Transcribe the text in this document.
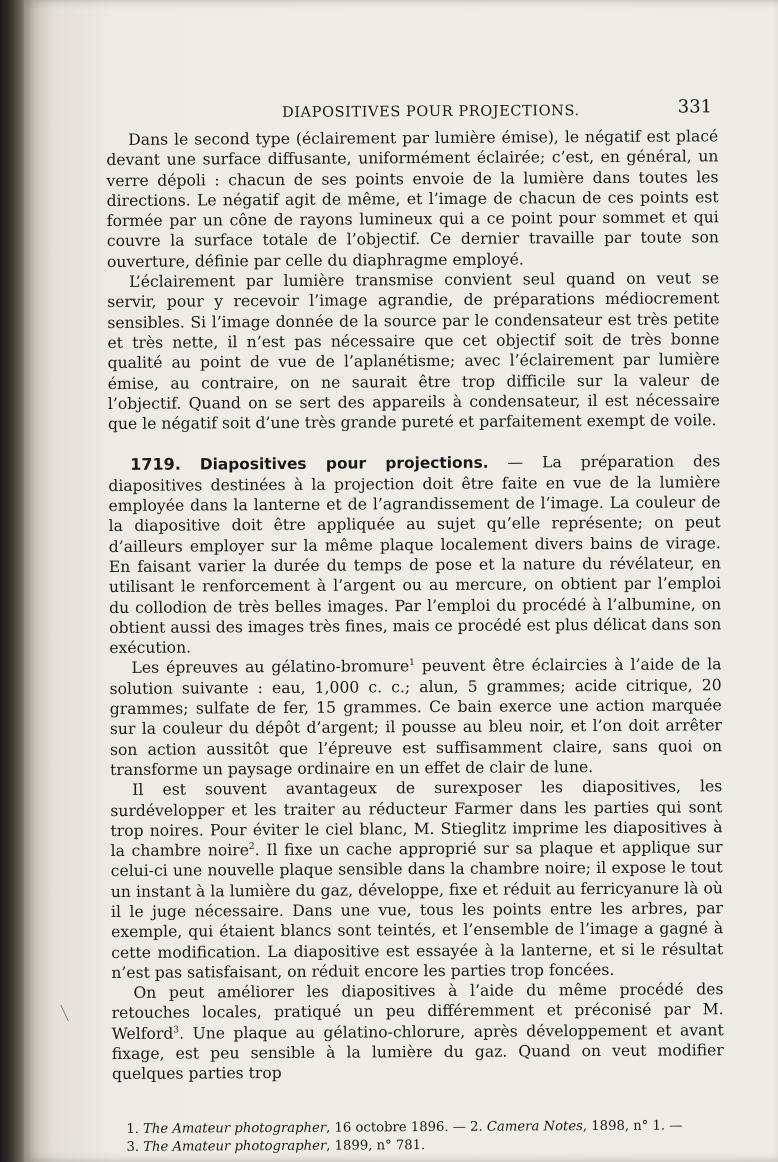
DIAPOSITIVES POUR PROJECTIONS.	331

Dans le second type (éclairement par lumière émise), le négatif est placé devant une surface diffusante, uniformément éclairée; c’est, en général, un verre dépoli : chacun de ses points envoie de la lumière dans toutes les directions. Le négatif agit de même, et l’image de chacun de ces points est formée par un cône de rayons lumineux qui a ce point pour sommet et qui couvre la surface totale de l’objectif. Ce dernier travaille par toute son ouverture, définie par celle du diaphragme employé.

L’éclairement par lumière transmise convient seul quand on veut se servir, pour y recevoir l’image agrandie, de préparations médiocrement sensibles. Si l’image donnée de la source par le condensateur est très petite et très nette, il n’est pas nécessaire que cet objectif soit de très bonne qualité au point de vue de l’aplanétisme; avec l’éclairement par lumière émise, au contraire, on ne saurait être trop difficile sur la valeur de l’objectif. Quand on se sert des appareils à condensateur, il est nécessaire que le négatif soit d’une très grande pureté et parfaitement exempt de voile.

1719. Diapositives pour projections. — La préparation des diapositives destinées à la projection doit être faite en vue de la lumière employée dans la lanterne et de l’agrandissement de l’image. La couleur de la diapositive doit être appliquée au sujet qu’elle représente; on peut d’ailleurs employer sur la même plaque localement divers bains de virage. En faisant varier la durée du temps de pose et la nature du révélateur, en utilisant le renforcement à l’argent ou au mercure, on obtient par l’emploi du collodion de très belles images. Par l’emploi du procédé à l’albumine, on obtient aussi des images très fines, mais ce procédé est plus délicat dans son exécution.

Les épreuves au gélatino-bromure$^1$ peuvent être éclaircies à l’aide de la solution suivante : eau, 1,000 c. c.; alun, 5 grammes; acide citrique, 20 grammes; sulfate de fer, 15 grammes. Ce bain exerce une action marquée sur la couleur du dépôt d’argent; il pousse au bleu noir, et l’on doit arrêter son action aussitôt que l’épreuve est suffisamment claire, sans quoi on transforme un paysage ordinaire en un effet de clair de lune.

Il est souvent avantageux de surexposer les diapositives, les surdévelopper et les traiter au réducteur Farmer dans les parties qui sont trop noires. Pour éviter le ciel blanc, M. Stieglitz imprime les diapositives à la chambre noire$^2$. Il fixe un cache approprié sur sa plaque et applique sur celui-ci une nouvelle plaque sensible dans la chambre noire; il expose le tout un instant à la lumière du gaz, développe, fixe et réduit au ferricyanure là où il le juge nécessaire. Dans une vue, tous les points entre les arbres, par exemple, qui étaient blancs sont teintés, et l’ensemble de l’image a gagné à cette modification. La diapositive est essayée à la lanterne, et si le résultat n’est pas satisfaisant, on réduit encore les parties trop foncées.

On peut améliorer les diapositives à l’aide du même procédé des retouches locales, pratiqué un peu différemment et préconisé par M. Welford$^3$. Une plaque au gélatino-chlorure, après développement et avant fixage, est peu sensible à la lumière du gaz. Quand on veut modifier quelques parties trop

1. The Amateur photographer, 16 octobre 1896. — 2. Camera Notes, 1898, n° 1. —
3. The Amateur photographer, 1899, n° 781.
